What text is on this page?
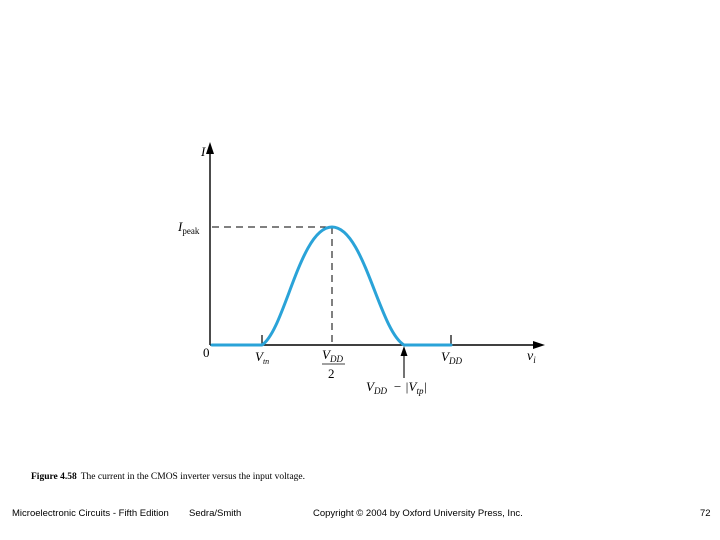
I
$v_i$
0
$I_{peak}$
$V_{tn}$	$V_{DD}$
2
$V_{DD}$
$V_{DD} - |V_{tp}|$
Figure 4.58 The current in the CMOS inverter versus the input voltage.
Microelectronic Circuits - Fifth Edition Sedra/Smith	Copyright © 2004 by Oxford University Press, Inc.	72
